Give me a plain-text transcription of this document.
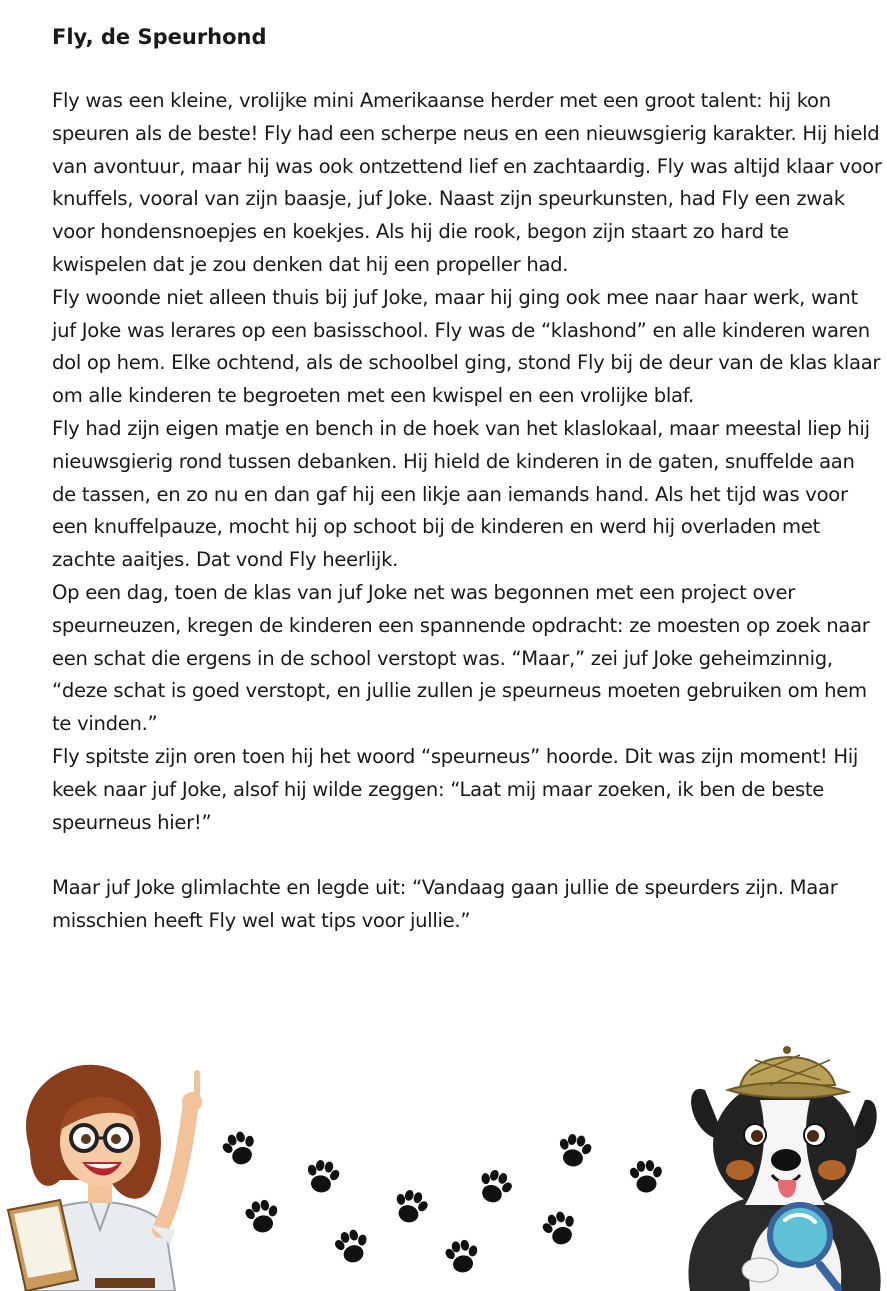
Fly, de Speurhond

Fly was een kleine, vrolijke mini Amerikaanse herder met een groot talent: hij kon speuren als de beste! Fly had een scherpe neus en een nieuwsgierig karakter. Hij hield van avontuur, maar hij was ook ontzettend lief en zachtaardig. Fly was altijd klaar voor knuffels, vooral van zijn baasje, juf Joke. Naast zijn speurkunsten, had Fly een zwak voor hondensnoepjes en koekjes. Als hij die rook, begon zijn staart zo hard te kwispelen dat je zou denken dat hij een propeller had.

Fly woonde niet alleen thuis bij juf Joke, maar hij ging ook mee naar haar werk, want juf Joke was lerares op een basisschool. Fly was de “klashond” en alle kinderen waren dol op hem. Elke ochtend, als de schoolbel ging, stond Fly bij de deur van de klas klaar om alle kinderen te begroeten met een kwispel en een vrolijke blaf.

Fly had zijn eigen matje en bench in de hoek van het klaslokaal, maar meestal liep hij nieuwsgierig rond tussen debanken. Hij hield de kinderen in de gaten, snuffelde aan de tassen, en zo nu en dan gaf hij een likje aan iemands hand. Als het tijd was voor een knuffelpauze, mocht hij op schoot bij de kinderen en werd hij overladen met zachte aaitjes. Dat vond Fly heerlijk.

Op een dag, toen de klas van juf Joke net was begonnen met een project over speurneuzen, kregen de kinderen een spannende opdracht: ze moesten op zoek naar een schat die ergens in de school verstopt was. “Maar,” zei juf Joke geheimzinnig, “deze schat is goed verstopt, en jullie zullen je speurneus moeten gebruiken om hem te vinden.”

Fly spitste zijn oren toen hij het woord “speurneus” hoorde. Dit was zijn moment! Hij keek naar juf Joke, alsof hij wilde zeggen: “Laat mij maar zoeken, ik ben de beste speurneus hier!”

Maar juf Joke glimlachte en legde uit: “Vandaag gaan jullie de speurders zijn. Maar misschien heeft Fly wel wat tips voor jullie.”
